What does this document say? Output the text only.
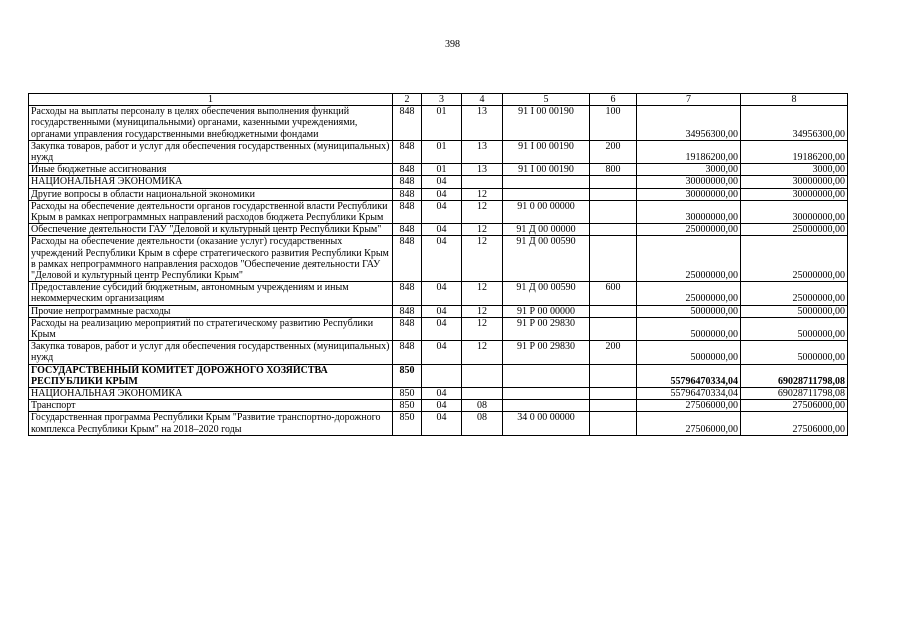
398
1	2	3	4	5	6	7	8
Расходы на выплаты персоналу в целях обеспечения выполнения функций государственными (муниципальными) органами, казенными учреждениями, органами управления государственными внебюджетными фондами	848	01	13	91 I 00 00190	100	34956300,00	34956300,00
Закупка товаров, работ и услуг для обеспечения государственных (муниципальных) нужд	848	01	13	91 I 00 00190	200	19186200,00	19186200,00
Иные бюджетные ассигнования	848	01	13	91 I 00 00190	800	3000,00	3000,00
НАЦИОНАЛЬНАЯ ЭКОНОМИКА	848	04				30000000,00	30000000,00
Другие вопросы в области национальной экономики	848	04	12			30000000,00	30000000,00
Расходы на обеспечение деятельности органов государственной власти Республики Крым в рамках непрограммных направлений расходов бюджета Республики Крым	848	04	12	91 0 00 00000		30000000,00	30000000,00
Обеспечение деятельности ГАУ "Деловой и культурный центр Республики Крым"	848	04	12	91 Д 00 00000		25000000,00	25000000,00
Расходы на обеспечение деятельности (оказание услуг) государственных учреждений Республики Крым в сфере стратегического развития Республики Крым в рамках непрограммного направления расходов "Обеспечение деятельности ГАУ "Деловой и культурный центр Республики Крым"	848	04	12	91 Д 00 00590		25000000,00	25000000,00
Предоставление субсидий бюджетным, автономным учреждениям и иным некоммерческим организациям	848	04	12	91 Д 00 00590	600	25000000,00	25000000,00
Прочие непрограммные расходы	848	04	12	91 Р 00 00000		5000000,00	5000000,00
Расходы на реализацию мероприятий по стратегическому развитию Республики Крым	848	04	12	91 Р 00 29830		5000000,00	5000000,00
Закупка товаров, работ и услуг для обеспечения государственных (муниципальных) нужд	848	04	12	91 Р 00 29830	200	5000000,00	5000000,00
ГОСУДАРСТВЕННЫЙ КОМИТЕТ ДОРОЖНОГО ХОЗЯЙСТВА РЕСПУБЛИКИ КРЫМ	850					55796470334,04	69028711798,08
НАЦИОНАЛЬНАЯ ЭКОНОМИКА	850	04				55796470334,04	69028711798,08
Транспорт	850	04	08			27506000,00	27506000,00
Государственная программа Республики Крым "Развитие транспортно-дорожного комплекса Республики Крым" на 2018–2020 годы	850	04	08	34 0 00 00000		27506000,00	27506000,00
